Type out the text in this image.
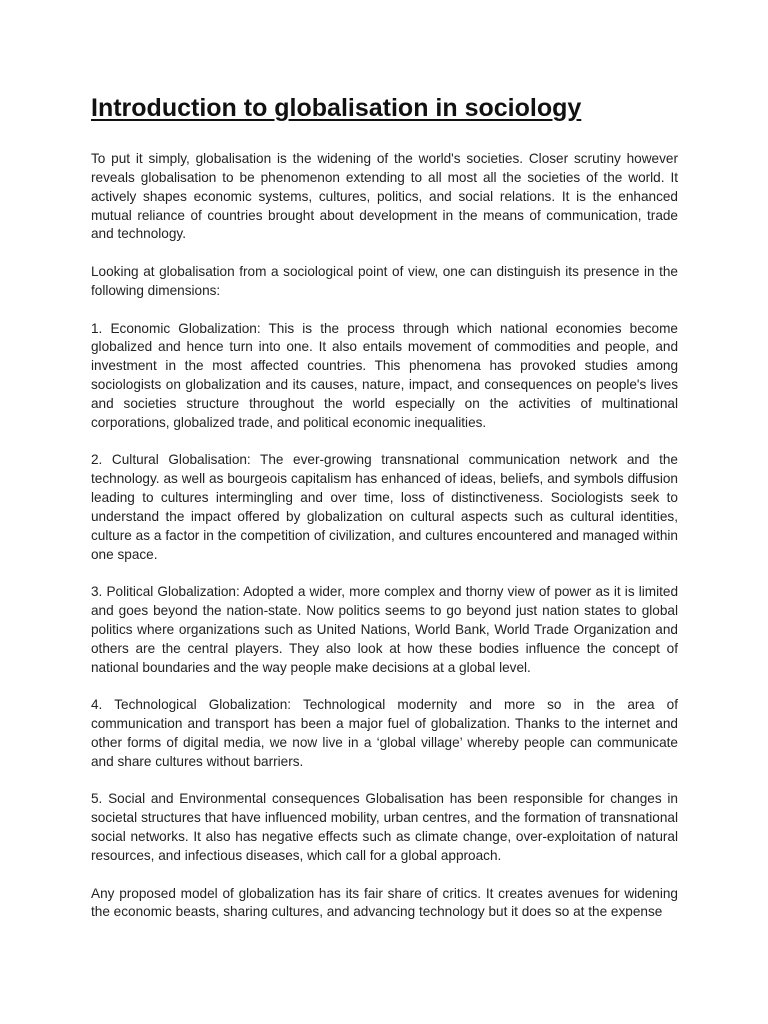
Introduction to globalisation in sociology

To put it simply, globalisation is the widening of the world's societies. Closer scrutiny however reveals globalisation to be phenomenon extending to all most all the societies of the world. It actively shapes economic systems, cultures, politics, and social relations. It is the enhanced mutual reliance of countries brought about development in the means of communication, trade and technology.

Looking at globalisation from a sociological point of view, one can distinguish its presence in the following dimensions:

1. Economic Globalization: This is the process through which national economies become globalized and hence turn into one. It also entails movement of commodities and people, and investment in the most affected countries. This phenomena has provoked studies among sociologists on globalization and its causes, nature, impact, and consequences on people's lives and societies structure throughout the world especially on the activities of multinational corporations, globalized trade, and political economic inequalities.

2. Cultural Globalisation: The ever-growing transnational communication network and the technology. as well as bourgeois capitalism has enhanced of ideas, beliefs, and symbols diffusion leading to cultures intermingling and over time, loss of distinctiveness. Sociologists seek to understand the impact offered by globalization on cultural aspects such as cultural identities, culture as a factor in the competition of civilization, and cultures encountered and managed within one space.

3. Political Globalization: Adopted a wider, more complex and thorny view of power as it is limited and goes beyond the nation-state. Now politics seems to go beyond just nation states to global politics where organizations such as United Nations, World Bank, World Trade Organization and others are the central players. They also look at how these bodies influence the concept of national boundaries and the way people make decisions at a global level.

4. Technological Globalization: Technological modernity and more so in the area of communication and transport has been a major fuel of globalization. Thanks to the internet and other forms of digital media, we now live in a ‘global village’ whereby people can communicate and share cultures without barriers.

5. Social and Environmental consequences Globalisation has been responsible for changes in societal structures that have influenced mobility, urban centres, and the formation of transnational social networks. It also has negative effects such as climate change, over-exploitation of natural resources, and infectious diseases, which call for a global approach.

Any proposed model of globalization has its fair share of critics. It creates avenues for widening the economic beasts, sharing cultures, and advancing technology but it does so at the expense
